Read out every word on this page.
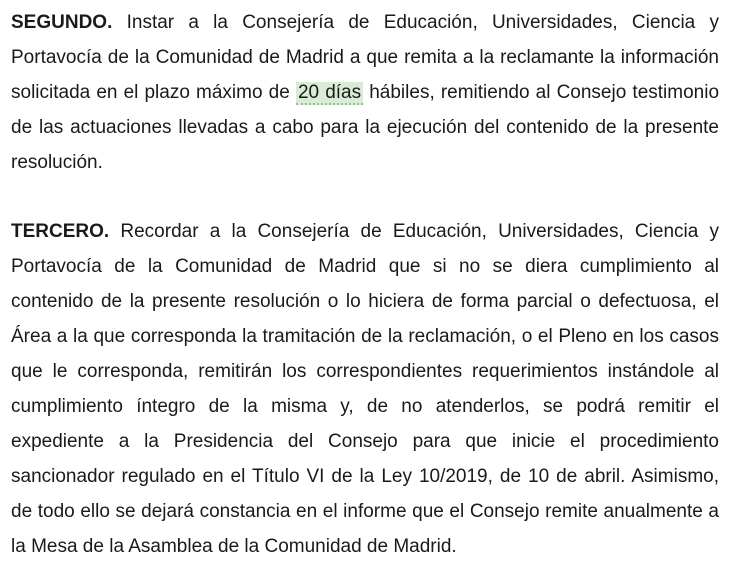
SEGUNDO. Instar a la Consejería de Educación, Universidades, Ciencia y Portavocía de la Comunidad de Madrid a que remita a la reclamante la información solicitada en el plazo máximo de 20 días hábiles, remitiendo al Consejo testimonio de las actuaciones llevadas a cabo para la ejecución del contenido de la presente resolución.

TERCERO. Recordar a la Consejería de Educación, Universidades, Ciencia y Portavocía de la Comunidad de Madrid que si no se diera cumplimiento al contenido de la presente resolución o lo hiciera de forma parcial o defectuosa, el Área a la que corresponda la tramitación de la reclamación, o el Pleno en los casos que le corresponda, remitirán los correspondientes requerimientos instándole al cumplimiento íntegro de la misma y, de no atenderlos, se podrá remitir el expediente a la Presidencia del Consejo para que inicie el procedimiento sancionador regulado en el Título VI de la Ley 10/2019, de 10 de abril. Asimismo, de todo ello se dejará constancia en el informe que el Consejo remite anualmente a la Mesa de la Asamblea de la Comunidad de Madrid.
